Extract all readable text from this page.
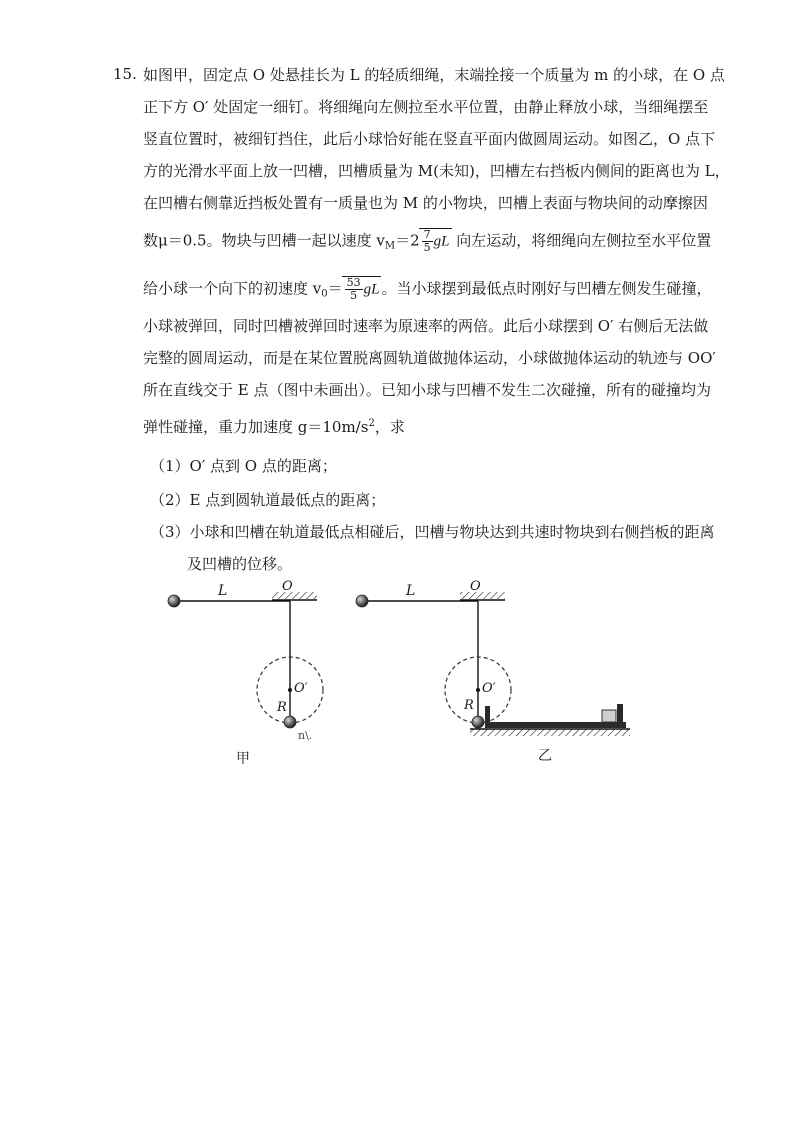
15. 如图甲，固定点 O 处悬挂长为 L 的轻质细绳，末端拴接一个质量为 m 的小球，在 O 点
正下方 O′ 处固定一细钉。将细绳向左侧拉至水平位置，由静止释放小球，当细绳摆至
竖直位置时，被细钉挡住，此后小球恰好能在竖直平面内做圆周运动。如图乙，O 点下
方的光滑水平面上放一凹槽，凹槽质量为 M(未知)，凹槽左右挡板内侧间的距离也为 L，
在凹槽右侧靠近挡板处置有一质量也为 M 的小物块，凹槽上表面与物块间的动摩擦因
数μ＝0.5。物块与凹槽一起以速度 $v_M=2 \frac{7}{5}$ gL 向左运动，将细绳向左侧拉至水平位置
给小球一个向下的初速度 $v_0= \frac{53}{5}$ gL 。当小球摆到最低点时刚好与凹槽左侧发生碰撞，
小球被弹回，同时凹槽被弹回时速率为原速率的两倍。此后小球摆到 O′ 右侧后无法做
完整的圆周运动，而是在某位置脱离圆轨道做抛体运动，小球做抛体运动的轨迹与 OO′
所在直线交于 E 点（图中未画出）。已知小球与凹槽不发生二次碰撞，所有的碰撞均为
弹性碰撞，重力加速度 $g=10m/s^2$，求
（1）O′ 点到 O 点的距离；
（2）E 点到圆轨道最低点的距离；
（3）小球和凹槽在轨道最低点相碰后，凹槽与物块达到共速时物块到右侧挡板的距离
及凹槽的位移。
L	O
O′
R
n\.
甲
L	O
O′
R
乙
